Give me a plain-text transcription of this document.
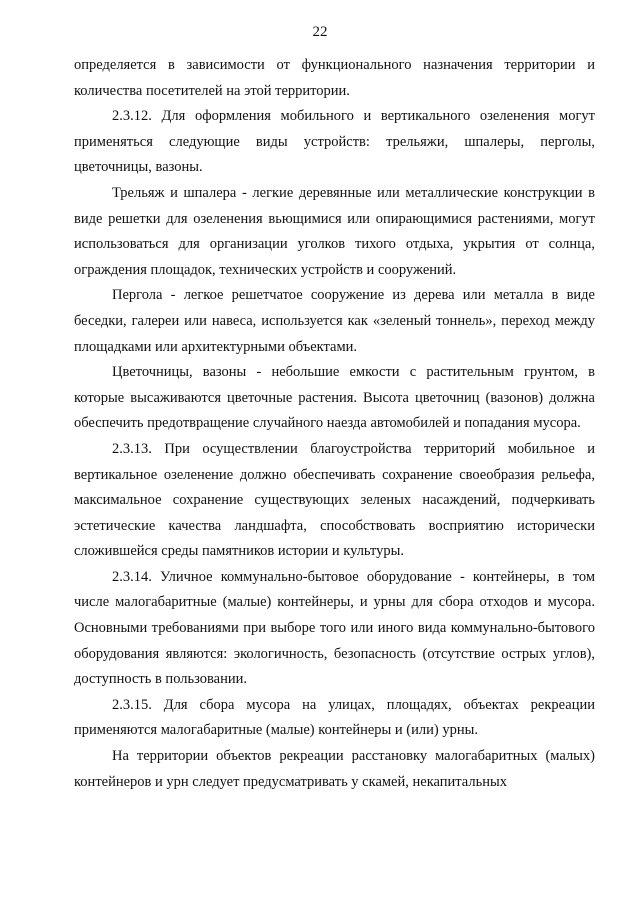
22

определяется в зависимости от функционального назначения территории и количества посетителей на этой территории.

2.3.12. Для оформления мобильного и вертикального озеленения могут применяться следующие виды устройств: трельяжи, шпалеры, перголы, цветочницы, вазоны.

Трельяж и шпалера - легкие деревянные или металлические конструкции в виде решетки для озеленения вьющимися или опирающимися растениями, могут использоваться для организации уголков тихого отдыха, укрытия от солнца, ограждения площадок, технических устройств и сооружений.

Пергола - легкое решетчатое сооружение из дерева или металла в виде беседки, галереи или навеса, используется как «зеленый тоннель», переход между площадками или архитектурными объектами.

Цветочницы, вазоны - небольшие емкости с растительным грунтом, в которые высаживаются цветочные растения. Высота цветочниц (вазонов) должна обеспечить предотвращение случайного наезда автомобилей и попадания мусора.

2.3.13. При осуществлении благоустройства территорий мобильное и вертикальное озеленение должно обеспечивать сохранение своеобразия рельефа, максимальное сохранение существующих зеленых насаждений, подчеркивать эстетические качества ландшафта, способствовать восприятию исторически сложившейся среды памятников истории и культуры.

2.3.14. Уличное коммунально-бытовое оборудование - контейнеры, в том числе малогабаритные (малые) контейнеры, и урны для сбора отходов и мусора. Основными требованиями при выборе того или иного вида коммунально-бытового оборудования являются: экологичность, безопасность (отсутствие острых углов), доступность в пользовании.

2.3.15. Для сбора мусора на улицах, площадях, объектах рекреации применяются малогабаритные (малые) контейнеры и (или) урны.

На территории объектов рекреации расстановку малогабаритных (малых) контейнеров и урн следует предусматривать у скамей, некапитальных
